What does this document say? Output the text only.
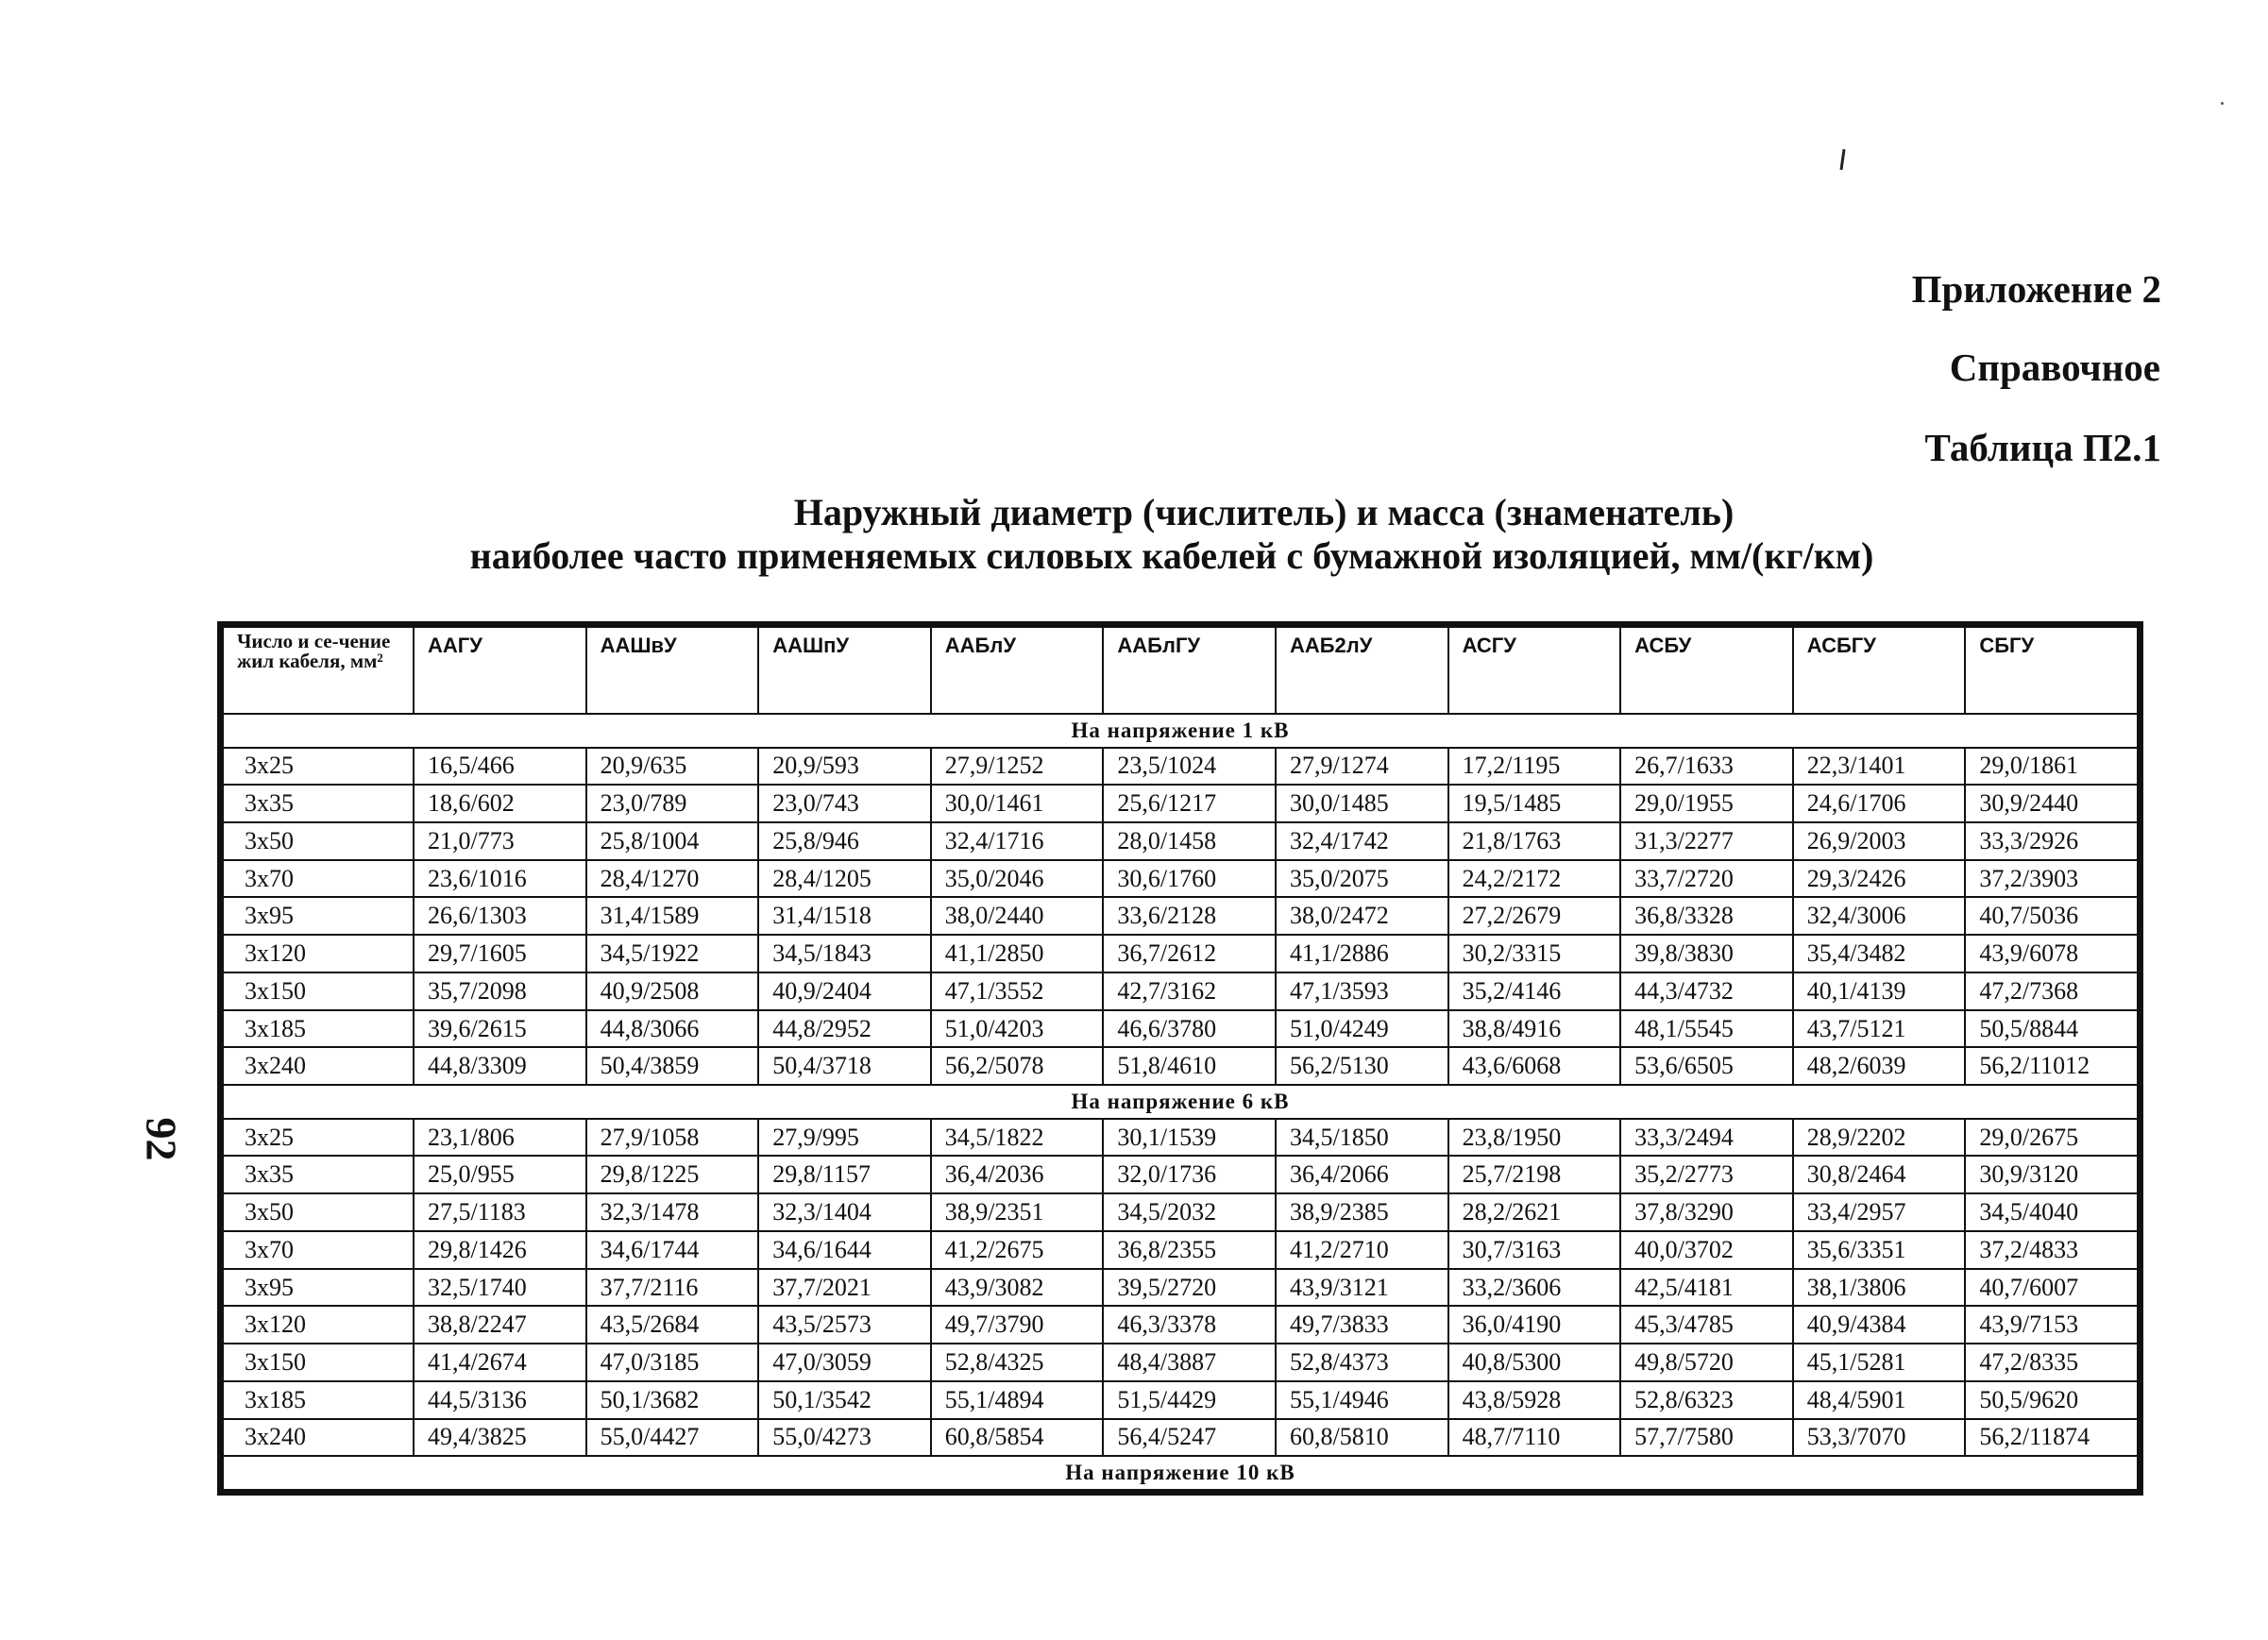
Приложение 2
Справочное
Таблица П2.1
Наружный диаметр (числитель) и масса (знаменатель)
наиболее часто применяемых силовых кабелей с бумажной изоляцией, мм/(кг/км)
92
Число и се-чение жил кабеля, мм²	ААГУ	ААШвУ	ААШпУ	ААБлУ	ААБлГУ	ААБ2лУ	АСГУ	АСБУ	АСБГУ	СБГУ
На напряжение 1 кВ										
3x25	16,5/466	20,9/635	20,9/593	27,9/1252	23,5/1024	27,9/1274	17,2/1195	26,7/1633	22,3/1401	29,0/1861
3x35	18,6/602	23,0/789	23,0/743	30,0/1461	25,6/1217	30,0/1485	19,5/1485	29,0/1955	24,6/1706	30,9/2440
3x50	21,0/773	25,8/1004	25,8/946	32,4/1716	28,0/1458	32,4/1742	21,8/1763	31,3/2277	26,9/2003	33,3/2926
3x70	23,6/1016	28,4/1270	28,4/1205	35,0/2046	30,6/1760	35,0/2075	24,2/2172	33,7/2720	29,3/2426	37,2/3903
3x95	26,6/1303	31,4/1589	31,4/1518	38,0/2440	33,6/2128	38,0/2472	27,2/2679	36,8/3328	32,4/3006	40,7/5036
3x120	29,7/1605	34,5/1922	34,5/1843	41,1/2850	36,7/2612	41,1/2886	30,2/3315	39,8/3830	35,4/3482	43,9/6078
3x150	35,7/2098	40,9/2508	40,9/2404	47,1/3552	42,7/3162	47,1/3593	35,2/4146	44,3/4732	40,1/4139	47,2/7368
3x185	39,6/2615	44,8/3066	44,8/2952	51,0/4203	46,6/3780	51,0/4249	38,8/4916	48,1/5545	43,7/5121	50,5/8844
3x240	44,8/3309	50,4/3859	50,4/3718	56,2/5078	51,8/4610	56,2/5130	43,6/6068	53,6/6505	48,2/6039	56,2/11012
На напряжение 6 кВ										
3x25	23,1/806	27,9/1058	27,9/995	34,5/1822	30,1/1539	34,5/1850	23,8/1950	33,3/2494	28,9/2202	29,0/2675
3x35	25,0/955	29,8/1225	29,8/1157	36,4/2036	32,0/1736	36,4/2066	25,7/2198	35,2/2773	30,8/2464	30,9/3120
3x50	27,5/1183	32,3/1478	32,3/1404	38,9/2351	34,5/2032	38,9/2385	28,2/2621	37,8/3290	33,4/2957	34,5/4040
3x70	29,8/1426	34,6/1744	34,6/1644	41,2/2675	36,8/2355	41,2/2710	30,7/3163	40,0/3702	35,6/3351	37,2/4833
3x95	32,5/1740	37,7/2116	37,7/2021	43,9/3082	39,5/2720	43,9/3121	33,2/3606	42,5/4181	38,1/3806	40,7/6007
3x120	38,8/2247	43,5/2684	43,5/2573	49,7/3790	46,3/3378	49,7/3833	36,0/4190	45,3/4785	40,9/4384	43,9/7153
3x150	41,4/2674	47,0/3185	47,0/3059	52,8/4325	48,4/3887	52,8/4373	40,8/5300	49,8/5720	45,1/5281	47,2/8335
3x185	44,5/3136	50,1/3682	50,1/3542	55,1/4894	51,5/4429	55,1/4946	43,8/5928	52,8/6323	48,4/5901	50,5/9620
3x240	49,4/3825	55,0/4427	55,0/4273	60,8/5854	56,4/5247	60,8/5810	48,7/7110	57,7/7580	53,3/7070	56,2/11874
На напряжение 10 кВ										
